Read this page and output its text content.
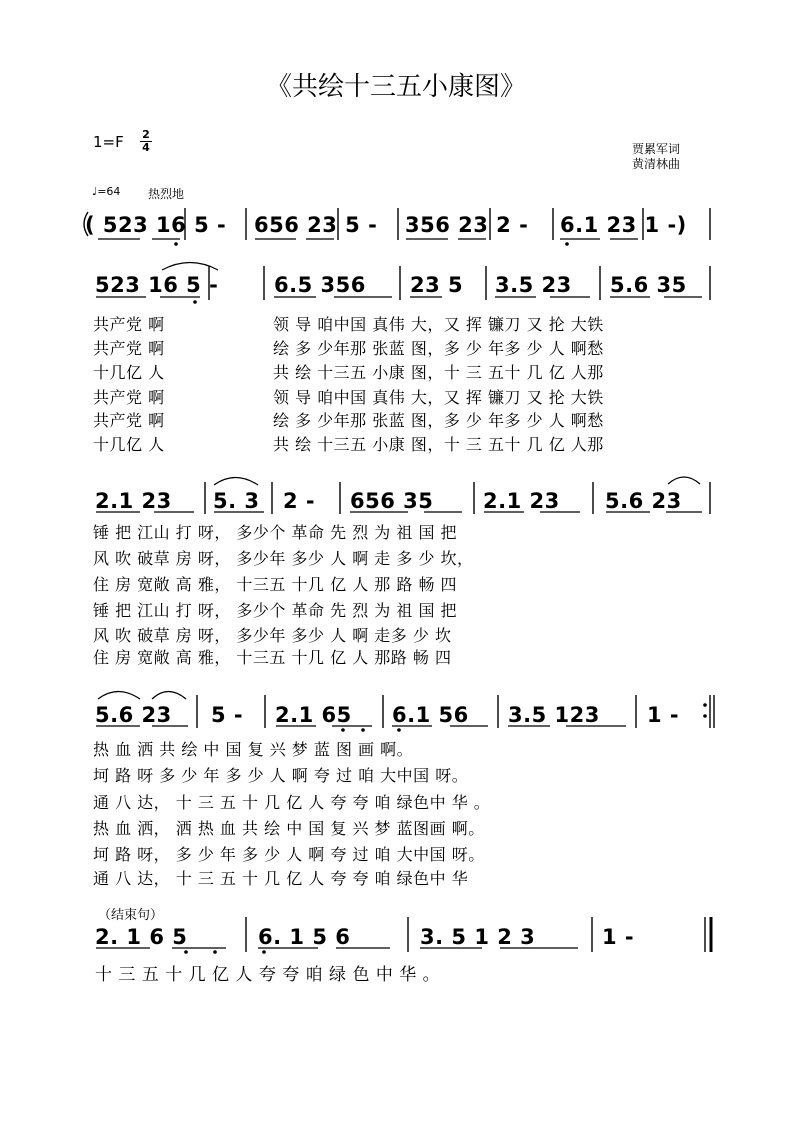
《共绘十三五小康图》
1=F 2
4	贾累军词
黄清林曲
♩=64 热烈地
( 523 16 5 - 656 23 5 - 356 23 2 - 6.1 23 1 -)
523 16 5 -	6.5 356 23 5 3.5 23 5.6 35
共产党 啊	领 导 咱中国 真伟 大，又 挥 镰刀 又 抡 大铁
共产党 啊	绘 多 少年那 张蓝 图，多 少 年多 少 人 啊愁
十几亿 人	共 绘 十三五 小康 图，十 三 五十 几 亿 人那
共产党 啊	领 导 咱中国 真伟 大，又 挥 镰刀 又 抡 大铁
共产党 啊	绘 多 少年那 张蓝 图，多 少 年多 少 人 啊愁
十几亿 人	共 绘 十三五 小康 图，十 三 五十 几 亿 人那
2.1 23 5. 3 2 - 656 35 2.1 23 5.6 23
锤 把 江山 打 呀， 多少个 革命 先 烈 为 祖 国 把
风 吹 破草 房 呀， 多少年 多少 人 啊 走 多 少 坎，
住 房 宽敞 高 雅， 十三五 十几 亿 人 那 路 畅 四
锤 把 江山 打 呀， 多少个 革命 先 烈 为 祖 国 把
风 吹 破草 房 呀， 多少年 多少 人 啊 走多 少 坎
住 房 宽敞 高 雅， 十三五 十几 亿 人 那路 畅 四
5.6 23 5 - 2.1 65 6.1 56 3.5 123 1 -
热 血 洒 共 绘 中 国 复 兴 梦 蓝 图 画 啊。
坷 路 呀 多 少 年 多 少 人 啊 夸 过 咱 大中国 呀。
通 八 达， 十 三 五 十 几 亿 人 夸 夸 咱 绿色中 华 。
热 血 洒， 洒 热 血 共 绘 中 国 复 兴 梦 蓝图画 啊。
坷 路 呀， 多 少 年 多 少 人 啊 夸 过 咱 大中国 呀。
通 八 达， 十 三 五 十 几 亿 人 夸 夸 咱 绿色中 华
（结束句）
2. 1 6 5	6. 1 5 6	3. 5 1 2 3	1 -
十 三 五 十 几 亿 人 夸 夸 咱 绿 色 中 华 。
